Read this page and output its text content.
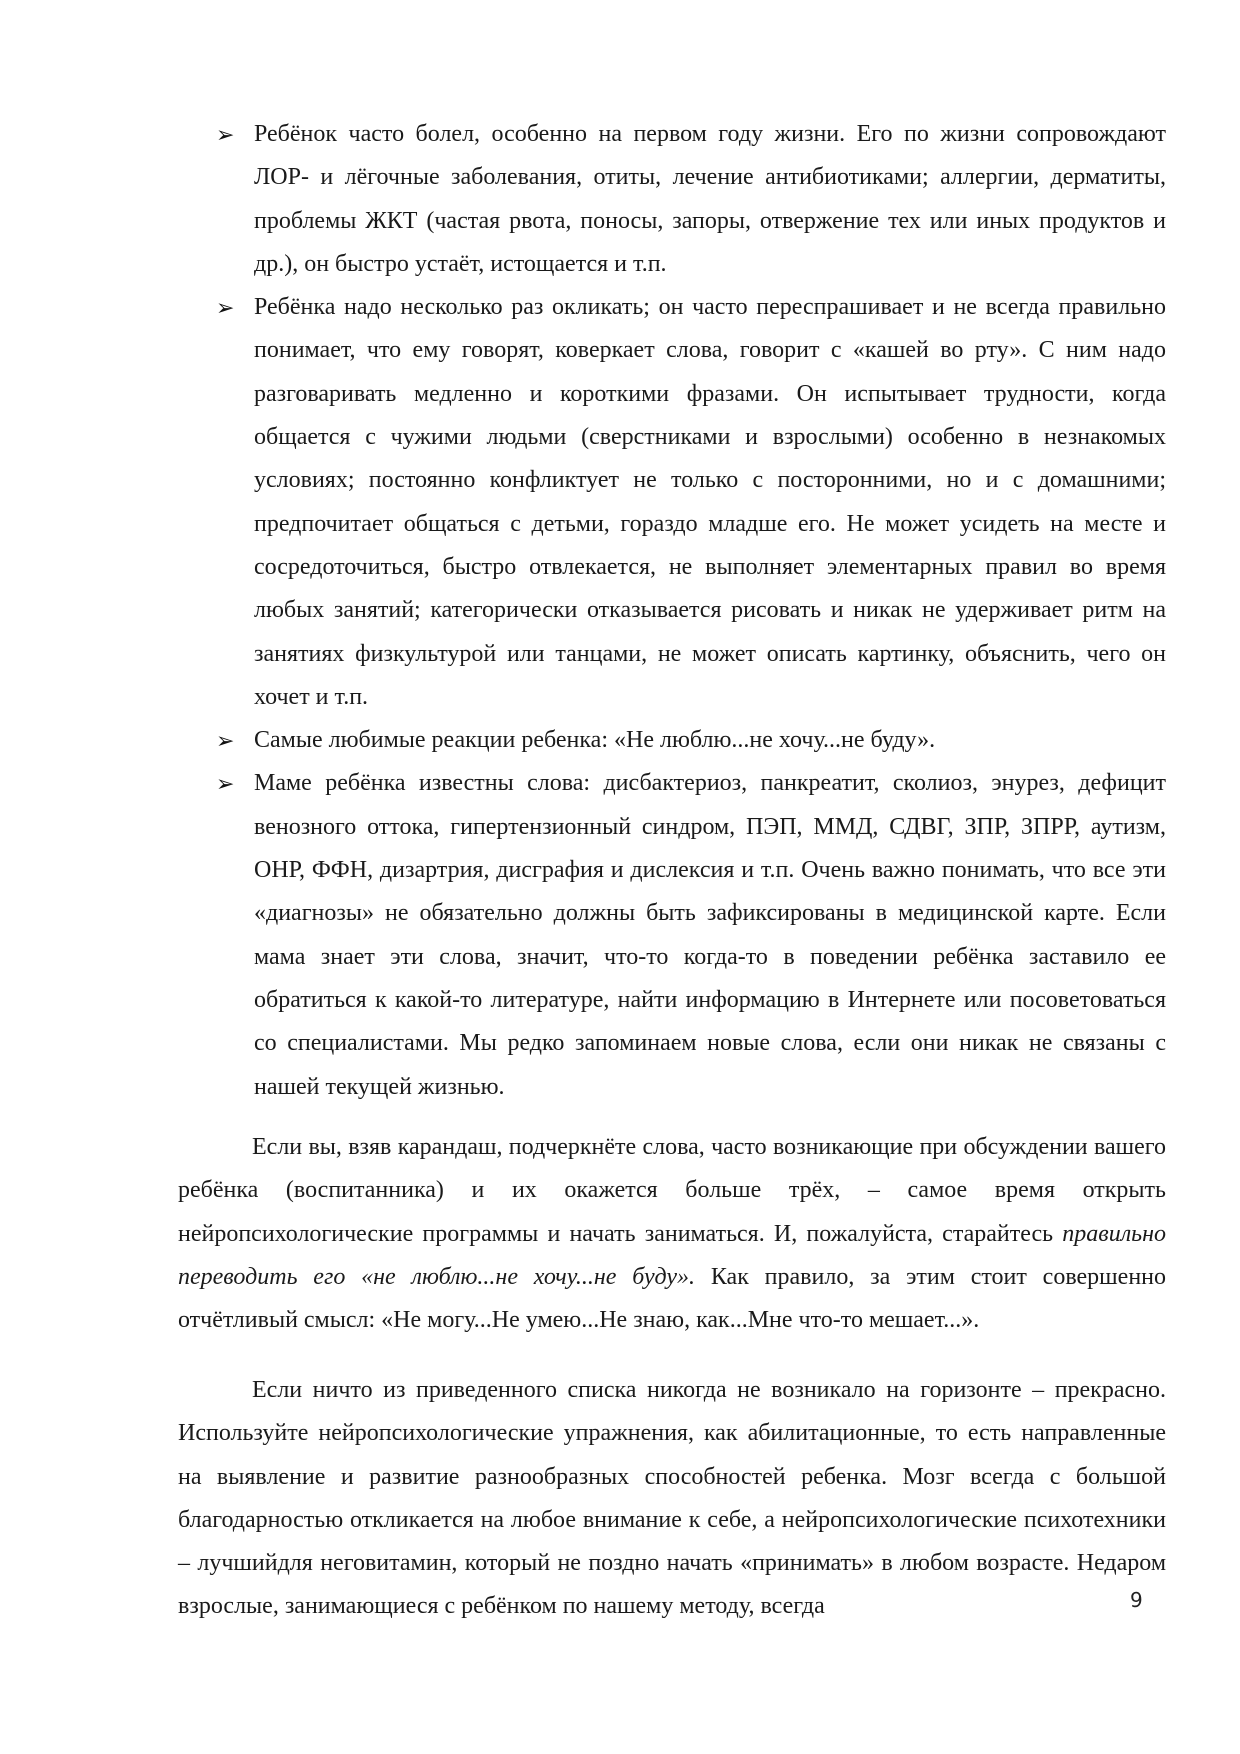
➢ Ребёнок часто болел, особенно на первом году жизни. Его по жизни сопровождают ЛОР- и лёгочные заболевания, отиты, лечение антибиотиками; аллергии, дерматиты, проблемы ЖКТ (частая рвота, поносы, запоры, отвержение тех или иных продуктов и др.), он быстро устаёт, истощается и т.п.
➢ Ребёнка надо несколько раз окликать; он часто переспрашивает и не всегда правильно понимает, что ему говорят, коверкает слова, говорит с «кашей во рту». С ним надо разговаривать медленно и короткими фразами. Он испытывает трудности, когда общается с чужими людьми (сверстниками и взрослыми) особенно в незнакомых условиях; постоянно конфликтует не только с посторонними, но и с домашними; предпочитает общаться с детьми, гораздо младше его. Не может усидеть на месте и сосредоточиться, быстро отвлекается, не выполняет элементарных правил во время любых занятий; категорически отказывается рисовать и никак не удерживает ритм на занятиях физкультурой или танцами, не может описать картинку, объяснить, чего он хочет и т.п.
➢ Самые любимые реакции ребенка: «Не люблю...не хочу...не буду».
➢ Маме ребёнка известны слова: дисбактериоз, панкреатит, сколиоз, энурез, дефицит венозного оттока, гипертензионный синдром, ПЭП, ММД, СДВГ, ЗПР, ЗПРР, аутизм, ОНР, ФФН, дизартрия, дисграфия и дислексия и т.п. Очень важно понимать, что все эти «диагнозы» не обязательно должны быть зафиксированы в медицинской карте. Если мама знает эти слова, значит, что-то когда-то в поведении ребёнка заставило ее обратиться к какой-то литературе, найти информацию в Интернете или посоветоваться со специалистами. Мы редко запоминаем новые слова, если они никак не связаны с нашей текущей жизнью.

Если вы, взяв карандаш, подчеркнёте слова, часто возникающие при обсуждении вашего ребёнка (воспитанника) и их окажется больше трёх, – самое время открыть нейропсихологические программы и начать заниматься. И, пожалуйста, старайтесь правильно переводить его «не люблю...не хочу...не буду». Как правило, за этим стоит совершенно отчётливый смысл: «Не могу...Не умею...Не знаю, как...Мне что-то мешает...».

Если ничто из приведенного списка никогда не возникало на горизонте – прекрасно. Используйте нейропсихологические упражнения, как абилитационные, то есть направленные на выявление и развитие разнообразных способностей ребенка. Мозг всегда с большой благодарностью откликается на любое внимание к себе, а нейропсихологические психотехники – лучшийдля неговитамин, который не поздно начать «принимать» в любом возрасте. Недаром взрослые, занимающиеся с ребёнком по нашему методу, всегда	9
